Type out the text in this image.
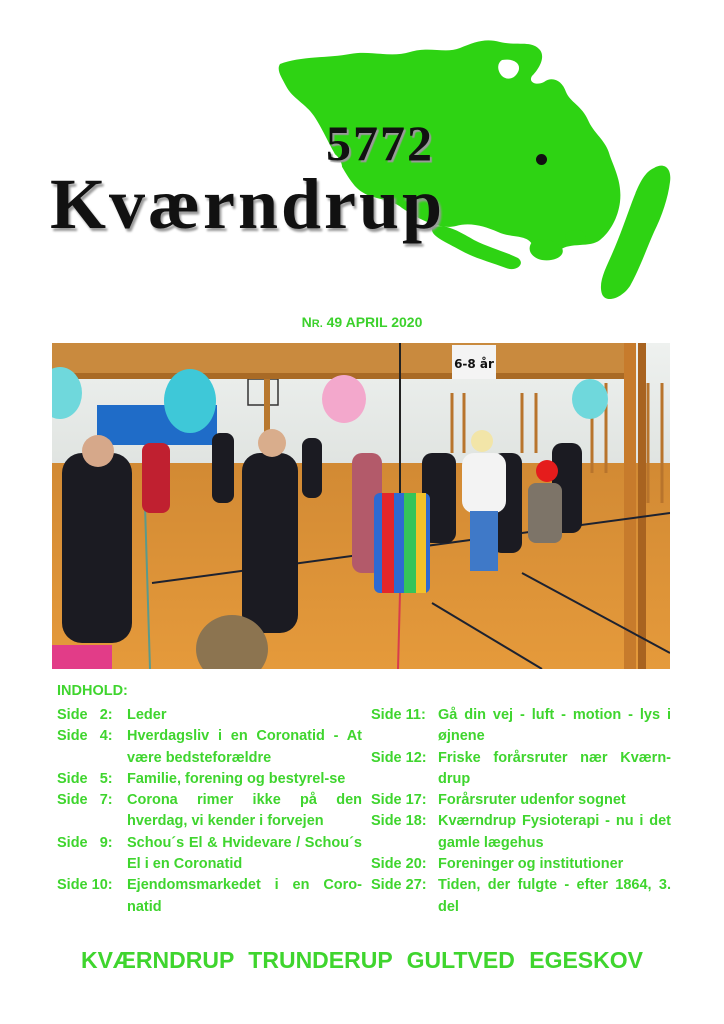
5772
Kværndrup
NR. 49 APRIL 2020
6-8 år
INDHOLD:
Side   2: Leder
Side   4: Hverdagsliv i en Coronatid - At være bedsteforældre
Side   5: Familie, forening og bestyrel-se
Side   7: Corona rimer ikke på den hverdag, vi kender i forvejen
Side   9: Schou´s El & Hvidevare / Schou´s El i en Coronatid
Side 10: Ejendomsmarkedet i en Coro-natid
Side 11: Gå din vej - luft - motion - lys i øjnene
Side 12: Friske forårsruter nær Kværn-drup
Side 17: Forårsruter udenfor sognet
Side 18: Kværndrup Fysioterapi - nu i det gamle lægehus
Side 20: Foreninger og institutioner
Side 27: Tiden, der fulgte - efter 1864, 3. del
KVÆRNDRUP TRUNDERUP GULTVED EGESKOV
